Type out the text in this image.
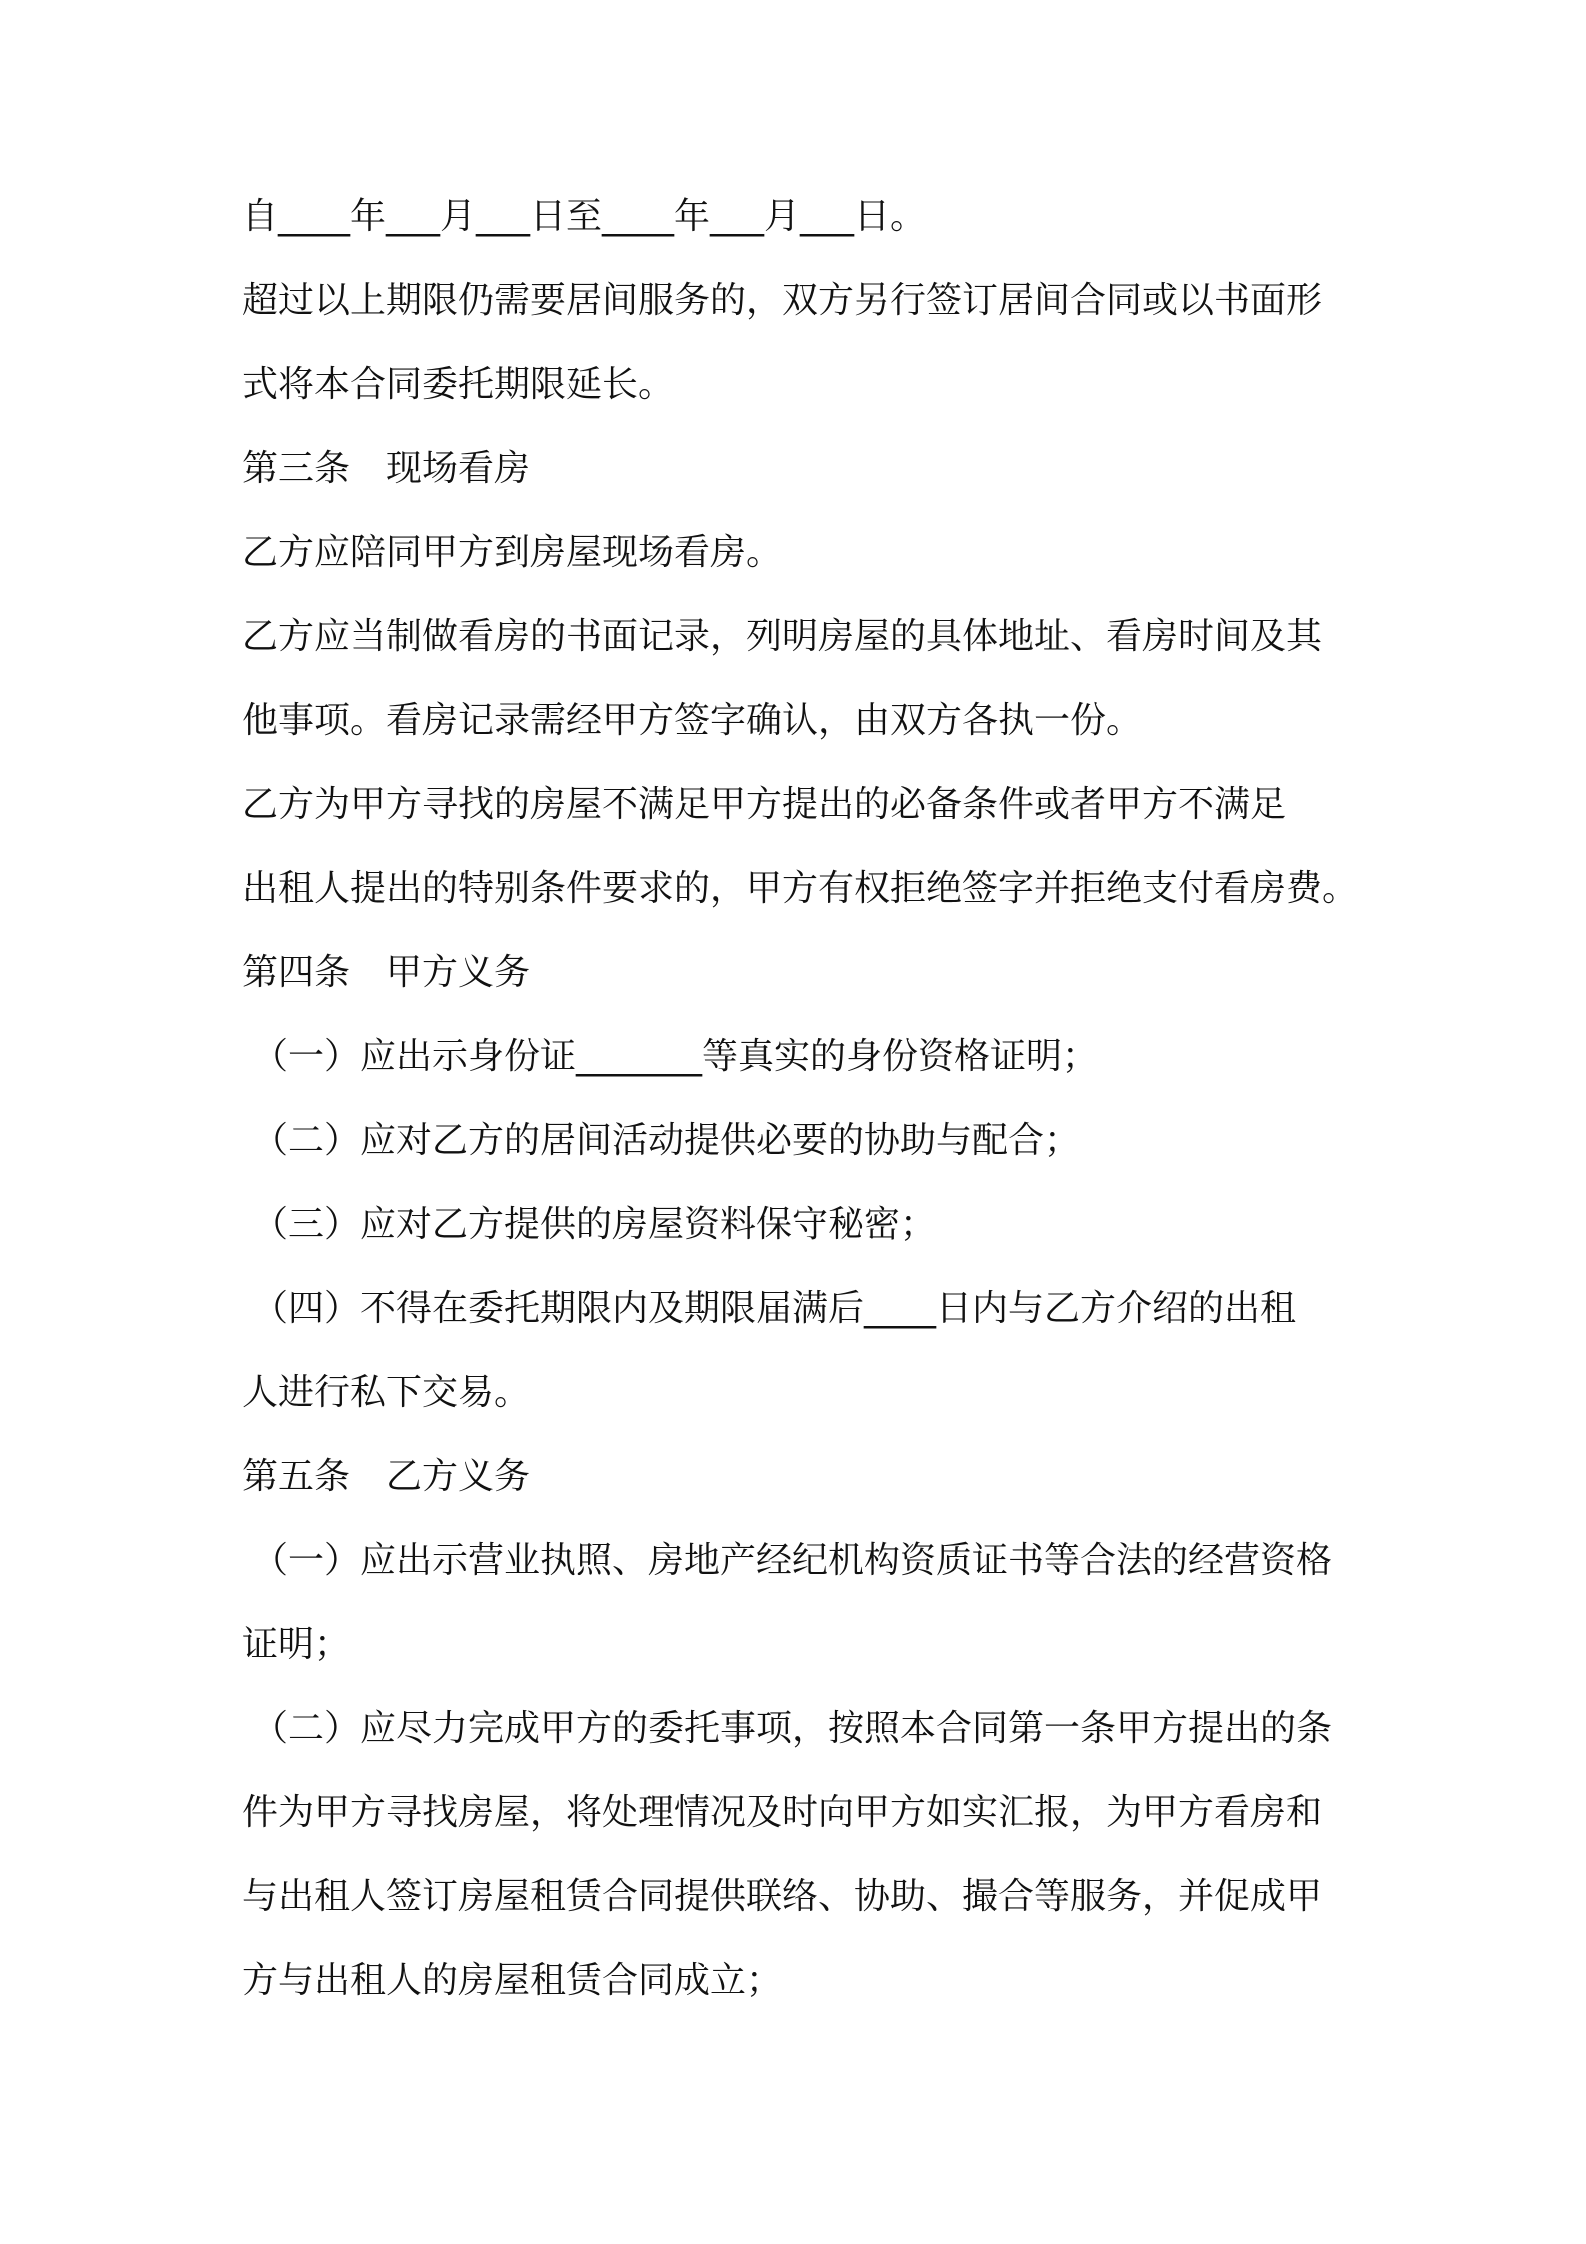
自____年___月___日至____年___月___日。
超过以上期限仍需要居间服务的，双方另行签订居间合同或以书面形
式将本合同委托期限延长。
第三条　现场看房
乙方应陪同甲方到房屋现场看房。
乙方应当制做看房的书面记录，列明房屋的具体地址、看房时间及其
他事项。看房记录需经甲方签字确认，由双方各执一份。
乙方为甲方寻找的房屋不满足甲方提出的必备条件或者甲方不满足
出租人提出的特别条件要求的，甲方有权拒绝签字并拒绝支付看房费。
第四条　甲方义务
（一）应出示身份证_______等真实的身份资格证明；
（二）应对乙方的居间活动提供必要的协助与配合；
（三）应对乙方提供的房屋资料保守秘密；
（四）不得在委托期限内及期限届满后____日内与乙方介绍的出租
人进行私下交易。
第五条　乙方义务
（一）应出示营业执照、房地产经纪机构资质证书等合法的经营资格
证明；
（二）应尽力完成甲方的委托事项，按照本合同第一条甲方提出的条
件为甲方寻找房屋，将处理情况及时向甲方如实汇报，为甲方看房和
与出租人签订房屋租赁合同提供联络、协助、撮合等服务，并促成甲
方与出租人的房屋租赁合同成立；
